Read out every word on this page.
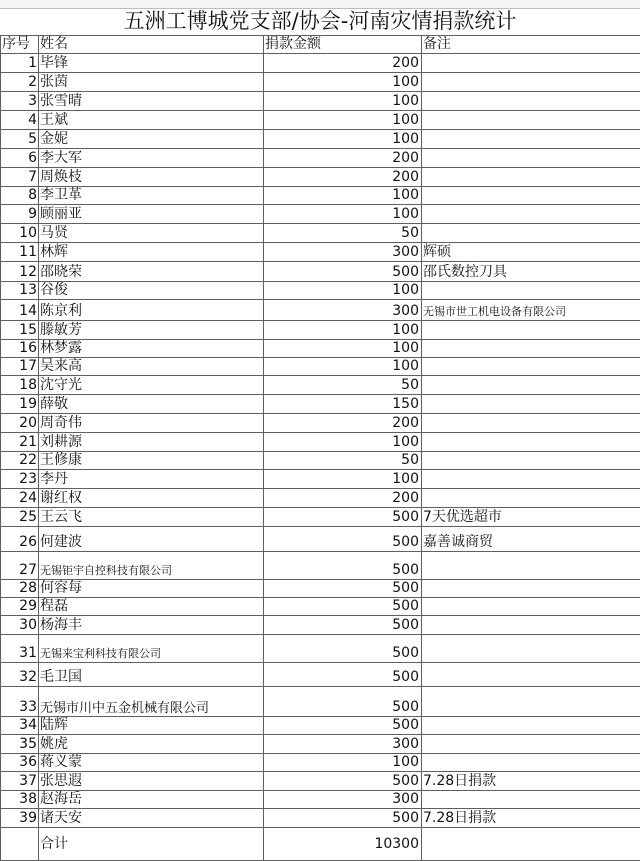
五洲工博城党支部/协会-河南灾情捐款统计
序号	姓名	捐款金额	备注
1	毕锋	200	
2	张茵	100	
3	张雪晴	100	
4	王斌	100	
5	金妮	100	
6	李大军	200	
7	周焕枝	200	
8	李卫革	100	
9	顾丽亚	100	
10	马贤	50	
11	林辉	300	辉硕
12	邵晓荣	500	邵氏数控刀具
13	谷俊	100	
14	陈京利	300	无锡市世工机电设备有限公司
15	滕敏芳	100	
16	林梦露	100	
17	吴来高	100	
18	沈守光	50	
19	薛敬	150	
20	周奇伟	200	
21	刘耕源	100	
22	王修康	50	
23	李丹	100	
24	谢红权	200	
25	王云飞	500	7天优选超市
26	何建波	500	嘉善诚商贸
27	无锡钜宇自控科技有限公司	500	
28	何容每	500	
29	程磊	500	
30	杨海丰	500	
31	无锡来宝利科技有限公司	500	
32	毛卫国	500	
33	无锡市川中五金机械有限公司	500	
34	陆辉	500	
35	姚虎	300	
36	蒋义蒙	100	
37	张思遐	500	7.28日捐款
38	赵海岳	300	
39	诸天安	500	7.28日捐款
	合计	10300	
